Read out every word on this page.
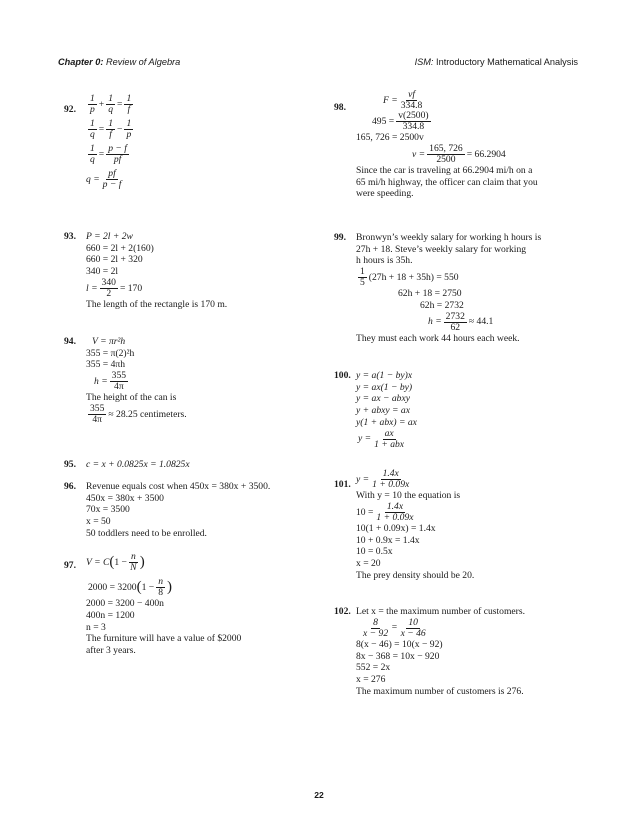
Chapter 0: Review of Algebra	ISM: Introductory Mathematical Analysis
92. $\frac{1}{p} + \frac{1}{q} = \frac{1}{f}$
$\frac{1}{q} = \frac{1}{f} - \frac{1}{p}$
$\frac{1}{q} = \frac{p - f}{pf}$
$q = \frac{pf}{p - f}$
93. P = 2l + 2w
660 = 2l + 2(160)
660 = 2l + 320
340 = 2l
$l = \frac{340}{2} = 170$
The length of the rectangle is 170 m.
94.	V = πr²h
355 = π(2)²h
355 = 4πh
$h = \frac{355}{4\pi}$
The height of the can is
$\frac{355}{4\pi} \approx 28.25$ centimeters.
95. c = x + 0.0825x = 1.0825x
96. Revenue equals cost when 450x = 380x + 3500.
450x = 380x + 3500
70x = 3500
x = 50
50 toddlers need to be enrolled.
97. V = C ( $1 - \frac{n}{N}$ )
2000 = 3200 ( $1 - \frac{n}{8}$ )
2000 = 3200 − 400n
400n = 1200
n = 3
The furniture will have a value of $2000
after 3 years.
98.
$F = \frac{vf}{334.8}$
$495 = \frac{v(2500)}{334.8}$
165, 726 = 2500v
$v = \frac{165, 726}{2500} = 66.2904$
Since the car is traveling at 66.2904 mi/h on a
65 mi/h highway, the officer can claim that you
were speeding.
99. Bronwyn’s weekly salary for working h hours is
27h + 18. Steve’s weekly salary for working
h hours is 35h.
$\frac{1}{5} (27h + 18 + 35h) = 550$
62h + 18 = 2750
62h = 2732
$h = \frac{2732}{62} \approx 44.1$
They must each work 44 hours each week.
100. y = a(1 − by)x
y = ax(1 − by)
y = ax − abxy
y + abxy = ax
y(1 + abx) = ax
$y = \frac{ax}{\text{1 + abx}}$
101. $y = \frac{1.4x}{1 + 0.09x}$
With y = 10 the equation is
$10 = \frac{1.4x}{1 + 0.09x}$
10(1 + 0.09x) = 1.4x
10 + 0.9x = 1.4x
10 = 0.5x
x = 20
The prey density should be 20.
102. Let x = the maximum number of customers.
$\frac{8}{x - 92} = \frac{10}{x - 46}$
8(x − 46) = 10(x − 92)
8x − 368 = 10x − 920
552 = 2x
x = 276
The maximum number of customers is 276.
22
